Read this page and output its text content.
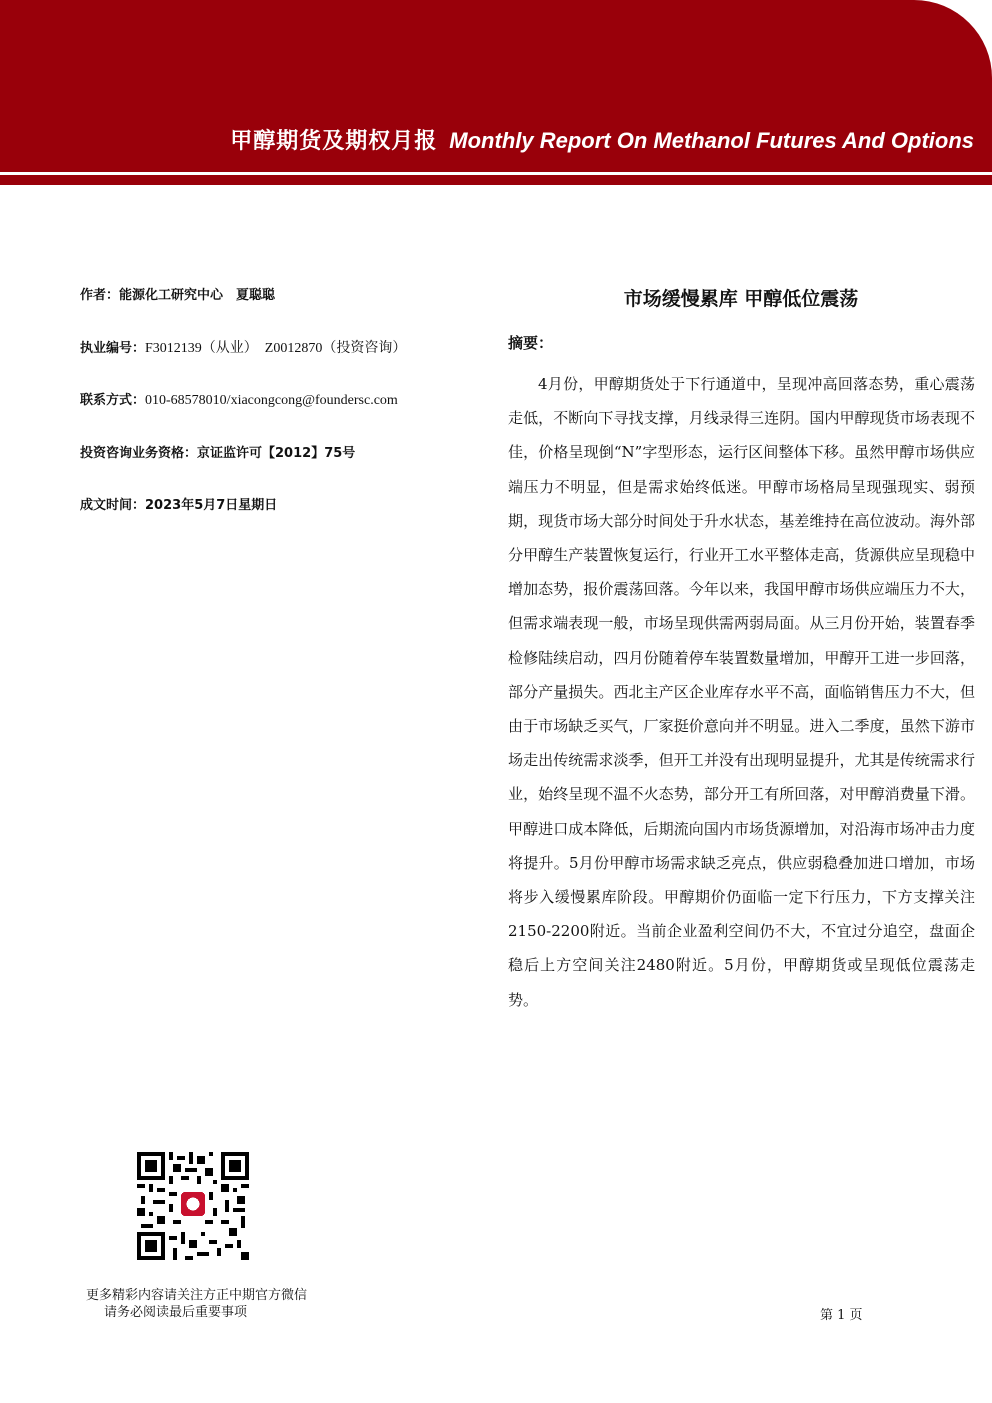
甲醇期货及期权月报 Monthly Report On Methanol Futures And Options
作者：能源化工研究中心　夏聪聪
执业编号：F3012139（从业）　Z0012870（投资咨询）
联系方式：010-68578010/xiacongcong@foundersc.com
投资咨询业务资格：京证监许可【2012】75号
成文时间：2023年5月7日星期日
市场缓慢累库 甲醇低位震荡
摘要：
4月份，甲醇期货处于下行通道中，呈现冲高回落态势，重心震荡走低，不断向下寻找支撑，月线录得三连阴。国内甲醇现货市场表现不佳，价格呈现倒“N”字型形态，运行区间整体下移。虽然甲醇市场供应端压力不明显，但是需求始终低迷。甲醇市场格局呈现强现实、弱预期，现货市场大部分时间处于升水状态，基差维持在高位波动。海外部分甲醇生产装置恢复运行，行业开工水平整体走高，货源供应呈现稳中增加态势，报价震荡回落。今年以来，我国甲醇市场供应端压力不大，但需求端表现一般，市场呈现供需两弱局面。从三月份开始，装置春季检修陆续启动，四月份随着停车装置数量增加，甲醇开工进一步回落，部分产量损失。西北主产区企业库存水平不高，面临销售压力不大，但由于市场缺乏买气，厂家挺价意向并不明显。进入二季度，虽然下游市场走出传统需求淡季，但开工并没有出现明显提升，尤其是传统需求行业，始终呈现不温不火态势，部分开工有所回落，对甲醇消费量下滑。甲醇进口成本降低，后期流向国内市场货源增加，对沿海市场冲击力度将提升。5月份甲醇市场需求缺乏亮点，供应弱稳叠加进口增加，市场将步入缓慢累库阶段。甲醇期价仍面临一定下行压力，下方支撑关注2150-2200附近。当前企业盈利空间仍不大，不宜过分追空，盘面企稳后上方空间关注2480附近。5月份，甲醇期货或呈现低位震荡走势。
更多精彩内容请关注方正中期官方微信
请务必阅读最后重要事项	第 1 页
